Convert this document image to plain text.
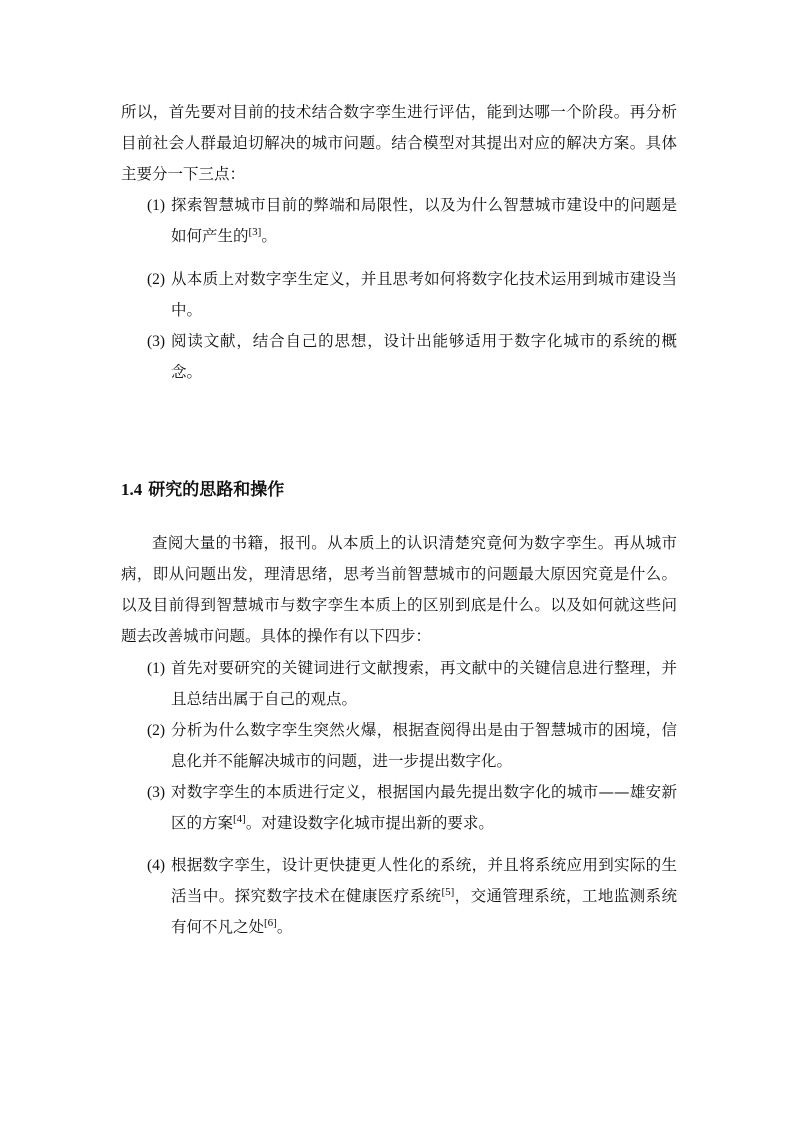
所以，首先要对目前的技术结合数字孪生进行评估，能到达哪一个阶段。再分析目前社会人群最迫切解决的城市问题。结合模型对其提出对应的解决方案。具体主要分一下三点：

(1) 探索智慧城市目前的弊端和局限性，以及为什么智慧城市建设中的问题是如何产生的[3]。
(2) 从本质上对数字孪生定义，并且思考如何将数字化技术运用到城市建设当中。
(3) 阅读文献，结合自己的思想，设计出能够适用于数字化城市的系统的概念。
1.4 研究的思路和操作

查阅大量的书籍，报刊。从本质上的认识清楚究竟何为数字孪生。再从城市病，即从问题出发，理清思绪，思考当前智慧城市的问题最大原因究竟是什么。以及目前得到智慧城市与数字孪生本质上的区别到底是什么。以及如何就这些问题去改善城市问题。具体的操作有以下四步：

(1) 首先对要研究的关键词进行文献搜索，再文献中的关键信息进行整理，并且总结出属于自己的观点。
(2) 分析为什么数字孪生突然火爆，根据查阅得出是由于智慧城市的困境，信息化并不能解决城市的问题，进一步提出数字化。
(3) 对数字孪生的本质进行定义，根据国内最先提出数字化的城市——雄安新区的方案[4]。对建设数字化城市提出新的要求。
(4) 根据数字孪生，设计更快捷更人性化的系统，并且将系统应用到实际的生活当中。探究数字技术在健康医疗系统[5]，交通管理系统，工地监测系统有何不凡之处[6]。
